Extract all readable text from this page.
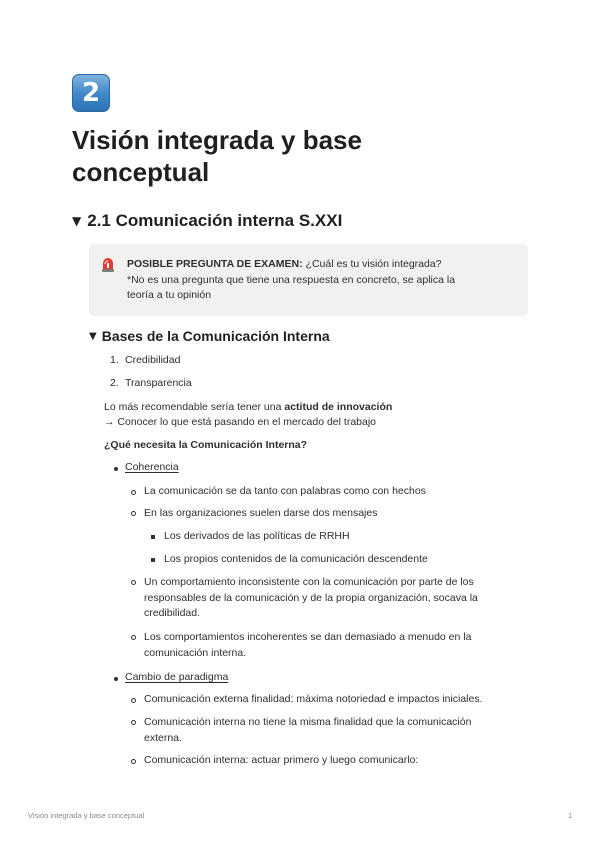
2
Visión integrada y base conceptual
▼ 2.1 Comunicación interna S.XXI
POSIBLE PREGUNTA DE EXAMEN: ¿Cuál es tu visión integrada?
*No es una pregunta que tiene una respuesta en concreto, se aplica la
teoría a tu opinión
▼ Bases de la Comunicación Interna
1. Credibilidad
2. Transparencia
Lo más recomendable sería tener una actitud de innovación
→ Conocer lo que está pasando en el mercado del trabajo
¿Qué necesita la Comunicación Interna?
Coherencia
La comunicación se da tanto con palabras como con hechos
En las organizaciones suelen darse dos mensajes
Los derivados de las políticas de RRHH
Los propios contenidos de la comunicación descendente
Un comportamiento inconsistente con la comunicación por parte de los
responsables de la comunicación y de la propia organización, socava la
credibilidad.
Los comportamientos incoherentes se dan demasiado a menudo en la
comunicación interna.
Cambio de paradigma
Comunicación externa finalidad: máxima notoriedad e impactos iniciales.
Comunicación interna no tiene la misma finalidad que la comunicación
externa.
Comunicación interna: actuar primero y luego comunicarlo:
Visión integrada y base conceptual	1
